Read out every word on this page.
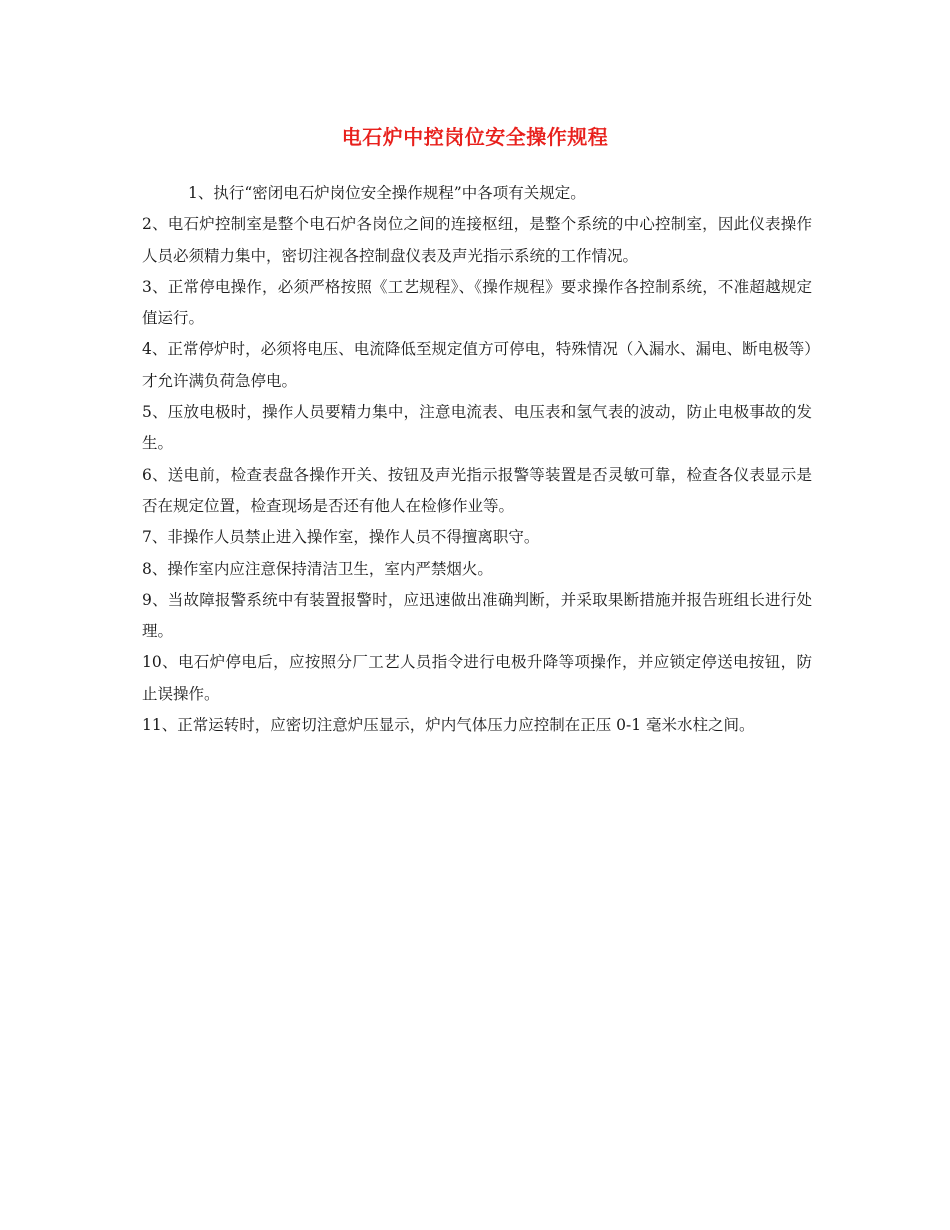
电石炉中控岗位安全操作规程

1、执行“密闭电石炉岗位安全操作规程”中各项有关规定。

2、电石炉控制室是整个电石炉各岗位之间的连接枢纽，是整个系统的中心控制室，因此仪表操作人员必须精力集中，密切注视各控制盘仪表及声光指示系统的工作情况。

3、正常停电操作，必须严格按照《工艺规程》、《操作规程》要求操作各控制系统，不准超越规定值运行。

4、正常停炉时，必须将电压、电流降低至规定值方可停电，特殊情况（入漏水、漏电、断电极等）才允许满负荷急停电。

5、压放电极时，操作人员要精力集中，注意电流表、电压表和氢气表的波动，防止电极事故的发生。

6、送电前，检查表盘各操作开关、按钮及声光指示报警等装置是否灵敏可靠，检查各仪表显示是否在规定位置，检查现场是否还有他人在检修作业等。

7、非操作人员禁止进入操作室，操作人员不得擅离职守。

8、操作室内应注意保持清洁卫生，室内严禁烟火。

9、当故障报警系统中有装置报警时，应迅速做出准确判断，并采取果断措施并报告班组长进行处理。

10、电石炉停电后，应按照分厂工艺人员指令进行电极升降等项操作，并应锁定停送电按钮，防止误操作。

11、正常运转时，应密切注意炉压显示，炉内气体压力应控制在正压 0-1 毫米水柱之间。
